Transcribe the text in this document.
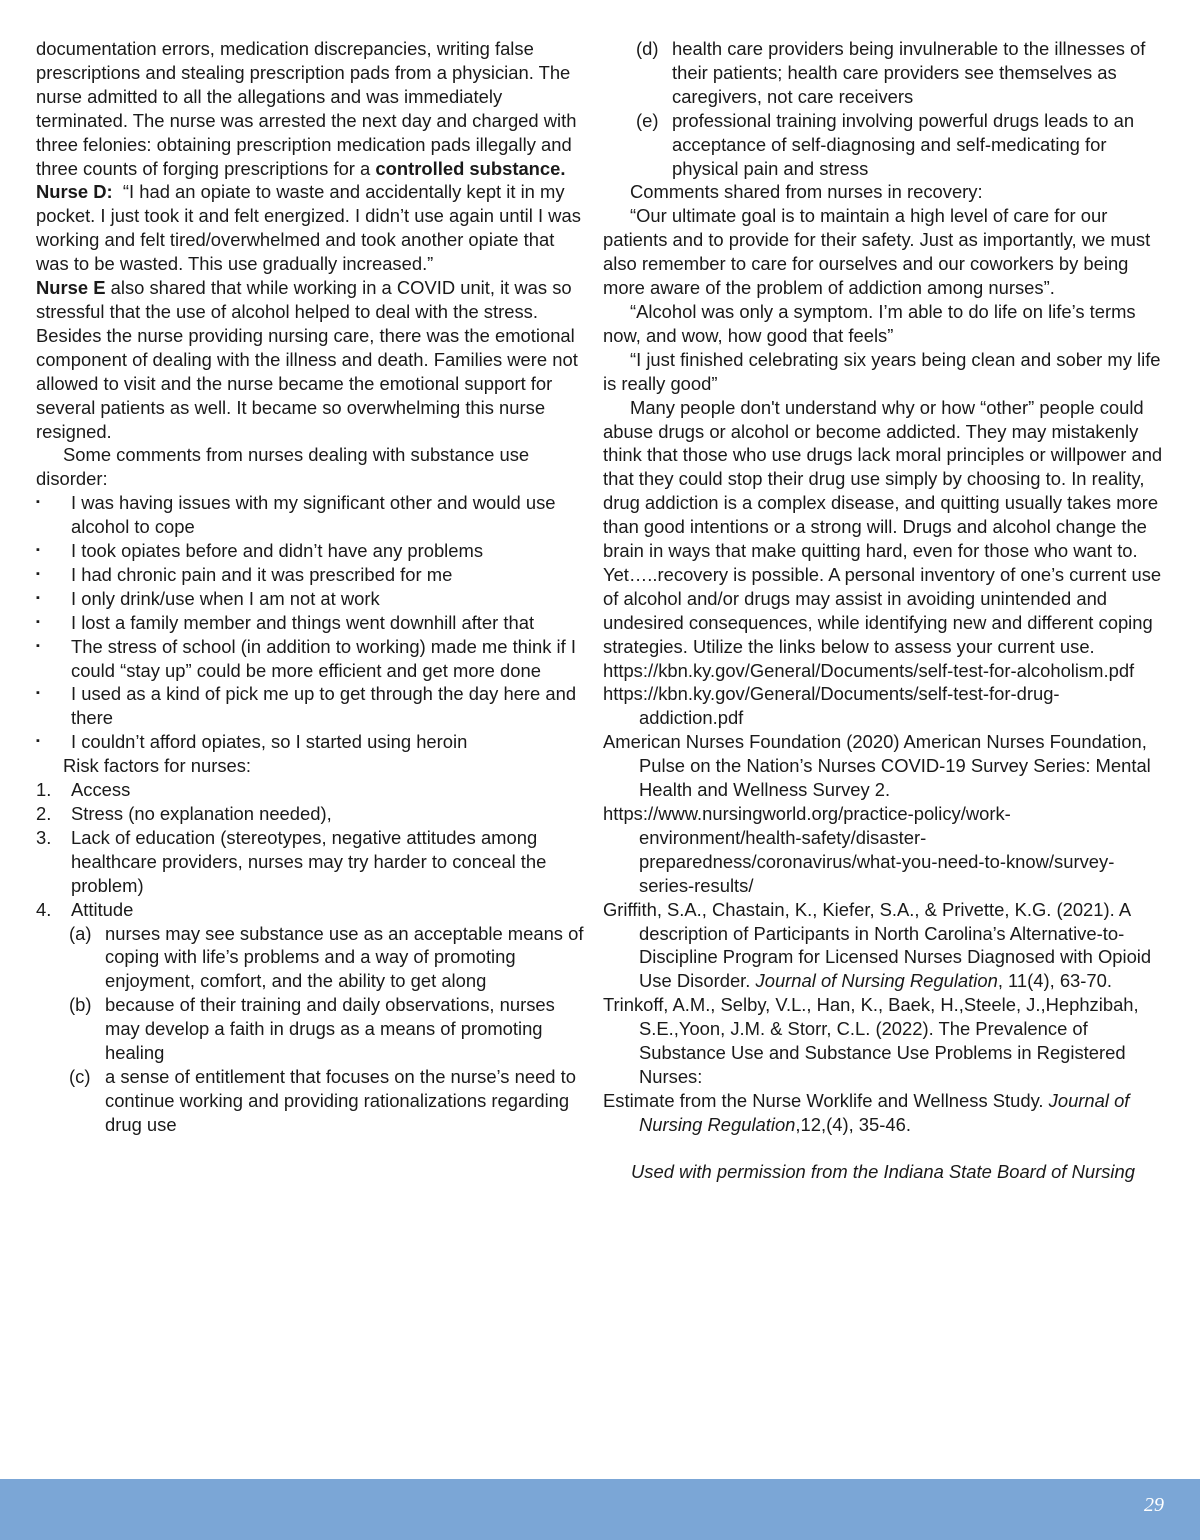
documentation errors, medication discrepancies, writing false prescriptions and stealing prescription pads from a physician. The nurse admitted to all the allegations and was immediately terminated. The nurse was arrested the next day and charged with three felonies: obtaining prescription medication pads illegally and three counts of forging prescriptions for a controlled substance.

Nurse D: “I had an opiate to waste and accidentally kept it in my pocket. I just took it and felt energized. I didn’t use again until I was working and felt tired/overwhelmed and took another opiate that was to be wasted. This use gradually increased.”

Nurse E also shared that while working in a COVID unit, it was so stressful that the use of alcohol helped to deal with the stress. Besides the nurse providing nursing care, there was the emotional component of dealing with the illness and death. Families were not allowed to visit and the nurse became the emotional support for several patients as well. It became so overwhelming this nurse resigned.

Some comments from nurses dealing with substance use disorder:

▪ I was having issues with my significant other and would use alcohol to cope
▪ I took opiates before and didn’t have any problems
▪ I had chronic pain and it was prescribed for me
▪ I only drink/use when I am not at work
▪ I lost a family member and things went downhill after that
▪ The stress of school (in addition to working) made me think if I could “stay up” could be more efficient and get more done
▪ I used as a kind of pick me up to get through the day here and there
▪ I couldn’t afford opiates, so I started using heroin

Risk factors for nurses:

1. Access
2. Stress (no explanation needed),
3. Lack of education (stereotypes, negative attitudes among healthcare providers, nurses may try harder to conceal the problem)
4. Attitude
(a) nurses may see substance use as an acceptable means of coping with life’s problems and a way of promoting enjoyment, comfort, and the ability to get along
(b) because of their training and daily observations, nurses may develop a faith in drugs as a means of promoting healing
(c) a sense of entitlement that focuses on the nurse’s need to continue working and providing rationalizations regarding drug use
(d) health care providers being invulnerable to the illnesses of their patients; health care providers see themselves as caregivers, not care receivers
(e) professional training involving powerful drugs leads to an acceptance of self-diagnosing and self-medicating for physical pain and stress

Comments shared from nurses in recovery:

“Our ultimate goal is to maintain a high level of care for our patients and to provide for their safety. Just as importantly, we must also remember to care for ourselves and our coworkers by being more aware of the problem of addiction among nurses”.

“Alcohol was only a symptom. I’m able to do life on life’s terms now, and wow, how good that feels”

“I just finished celebrating six years being clean and sober my life is really good”

Many people don't understand why or how “other” people could abuse drugs or alcohol or become addicted. They may mistakenly think that those who use drugs lack moral principles or willpower and that they could stop their drug use simply by choosing to. In reality, drug addiction is a complex disease, and quitting usually takes more than good intentions or a strong will. Drugs and alcohol change the brain in ways that make quitting hard, even for those who want to. Yet…..recovery is possible. A personal inventory of one’s current use of alcohol and/or drugs may assist in avoiding unintended and undesired consequences, while identifying new and different coping strategies. Utilize the links below to assess your current use.

https://kbn.ky.gov/General/Documents/self-test-for-alcoholism.pdf

https://kbn.ky.gov/General/Documents/self-test-for-drug-addiction.pdf

American Nurses Foundation (2020) American Nurses Foundation, Pulse on the Nation’s Nurses COVID-19 Survey Series: Mental Health and Wellness Survey 2.

https://www.nursingworld.org/practice-policy/work-environment/health-safety/disaster-preparedness/coronavirus/what-you-need-to-know/survey-series-results/

Griffith, S.A., Chastain, K., Kiefer, S.A., & Privette, K.G. (2021). A description of Participants in North Carolina’s Alternative-to-Discipline Program for Licensed Nurses Diagnosed with Opioid Use Disorder. Journal of Nursing Regulation, 11(4), 63-70.

Trinkoff, A.M., Selby, V.L., Han, K., Baek, H.,Steele, J.,Hephzibah, S.E.,Yoon, J.M. & Storr, C.L. (2022). The Prevalence of Substance Use and Substance Use Problems in Registered Nurses:

Estimate from the Nurse Worklife and Wellness Study. Journal of Nursing Regulation,12,(4), 35-46.

Used with permission from the Indiana State Board of Nursing

29
